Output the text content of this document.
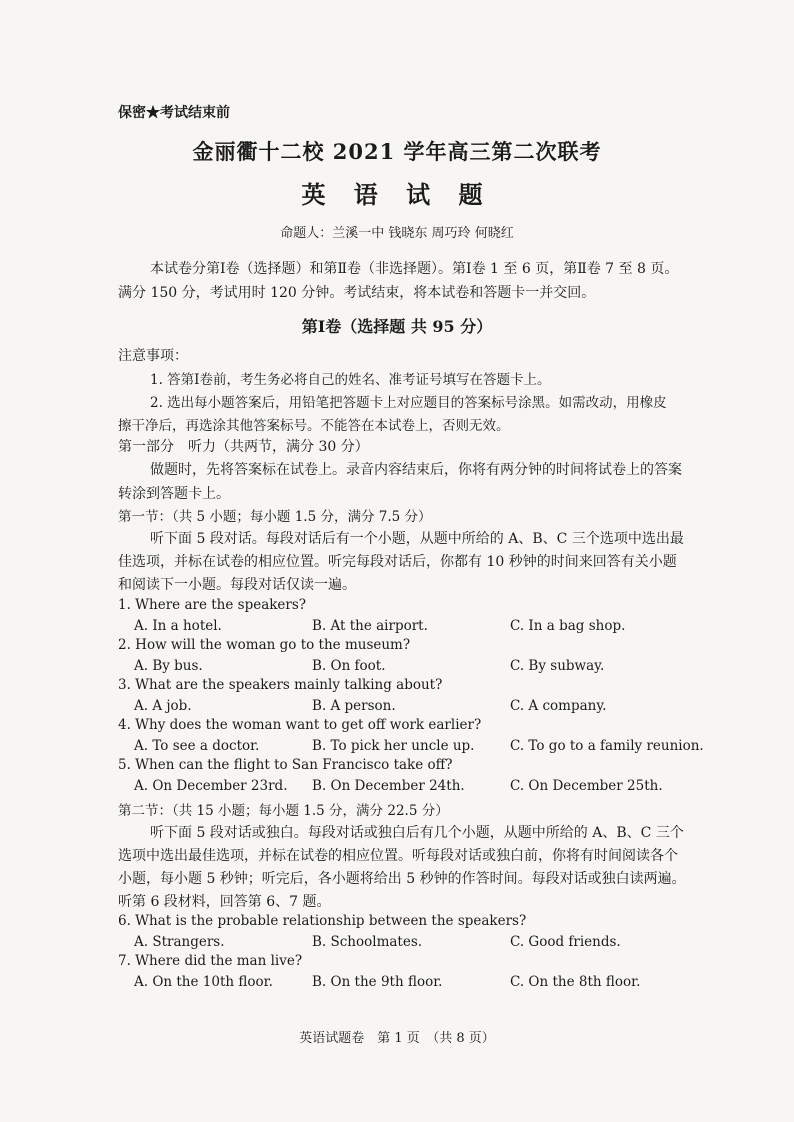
保密★考试结束前
金丽衢十二校 2021 学年高三第二次联考
英 语 试 题
命题人：兰溪一中 钱晓东 周巧玲 何晓红
本试卷分第Ⅰ卷（选择题）和第Ⅱ卷（非选择题）。第Ⅰ卷 1 至 6 页，第Ⅱ卷 7 至 8 页。
满分 150 分，考试用时 120 分钟。考试结束，将本试卷和答题卡一并交回。
第Ⅰ卷（选择题 共 95 分）
注意事项：
1. 答第Ⅰ卷前，考生务必将自己的姓名、准考证号填写在答题卡上。
2. 选出每小题答案后，用铅笔把答题卡上对应题目的答案标号涂黑。如需改动，用橡皮
擦干净后，再选涂其他答案标号。不能答在本试卷上，否则无效。
第一部分　听力（共两节，满分 30 分）
做题时，先将答案标在试卷上。录音内容结束后，你将有两分钟的时间将试卷上的答案
转涂到答题卡上。
第一节：（共 5 小题；每小题 1.5 分，满分 7.5 分）
听下面 5 段对话。每段对话后有一个小题，从题中所给的 A、B、C 三个选项中选出最
佳选项，并标在试卷的相应位置。听完每段对话后，你都有 10 秒钟的时间来回答有关小题
和阅读下一小题。每段对话仅读一遍。
1. Where are the speakers?
A. In a hotel.	B. At the airport.	C. In a bag shop.
2. How will the woman go to the museum?
A. By bus.	B. On foot.	C. By subway.
3. What are the speakers mainly talking about?
A. A job.	B. A person.	C. A company.
4. Why does the woman want to get off work earlier?
A. To see a doctor.	B. To pick her uncle up.	C. To go to a family reunion.
5. When can the flight to San Francisco take off?
A. On December 23rd. B. On December 24th.	C. On December 25th.
第二节：（共 15 小题；每小题 1.5 分，满分 22.5 分）
听下面 5 段对话或独白。每段对话或独白后有几个小题，从题中所给的 A、B、C 三个
选项中选出最佳选项，并标在试卷的相应位置。听每段对话或独白前，你将有时间阅读各个
小题，每小题 5 秒钟；听完后，各小题将给出 5 秒钟的作答时间。每段对话或独白读两遍。
听第 6 段材料，回答第 6、7 题。
6. What is the probable relationship between the speakers?
A. Strangers.	B. Schoolmates.	C. Good friends.
7. Where did the man live?
A. On the 10th floor.	B. On the 9th floor.	C. On the 8th floor.
英语试题卷　第 1 页　（共 8 页）
